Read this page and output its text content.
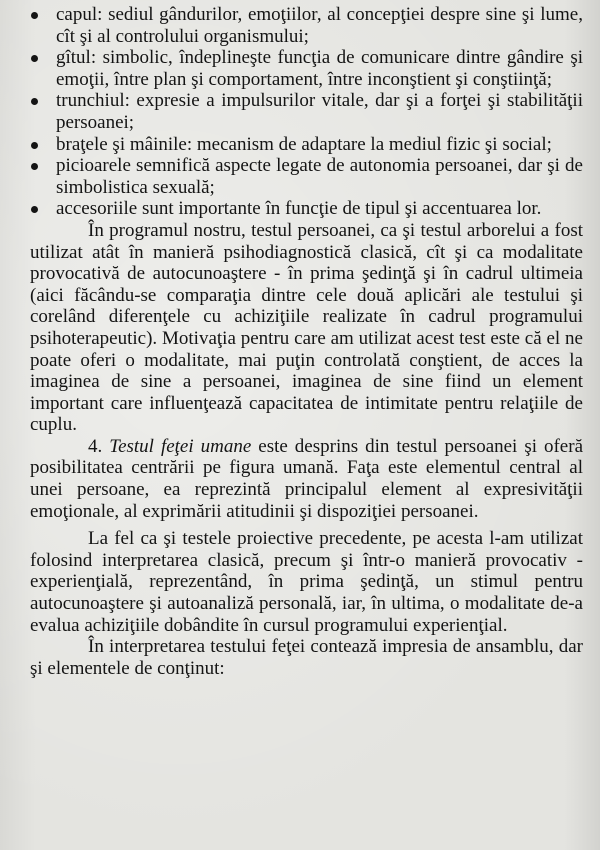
capul: sediul gândurilor, emoţiilor, al concepţiei despre sine şi lume, cît şi al controlului organismului;
gîtul: simbolic, îndeplineşte funcţia de comunicare dintre gândire şi emoţii, între plan şi comportament, între inconştient şi conştiinţă;
trunchiul: expresie a impulsurilor vitale, dar şi a forţei şi stabilităţii persoanei;
braţele şi mâinile: mecanism de adaptare la mediul fizic şi social;
picioarele semnifică aspecte legate de autonomia persoanei, dar şi de simbolistica sexuală;
accesoriile sunt importante în funcţie de tipul şi accentuarea lor.

În programul nostru, testul persoanei, ca şi testul arborelui a fost utilizat atât în manieră psihodiagnostică clasică, cît şi ca modalitate provocativă de autocunoaştere - în prima şedinţă şi în cadrul ultimeia (aici făcându-se comparaţia dintre cele două aplicări ale testului şi corelând diferenţele cu achiziţiile realizate în cadrul programului psihoterapeutic). Motivaţia pentru care am utilizat acest test este că el ne poate oferi o modalitate, mai puţin controlată conştient, de acces la imaginea de sine a persoanei, imaginea de sine fiind un element important care influenţează capacitatea de intimitate pentru relaţiile de cuplu.

4. Testul feţei umane este desprins din testul persoanei şi oferă posibilitatea centrării pe figura umană. Faţa este elementul central al unei persoane, ea reprezintă principalul element al expresivităţii emoţionale, al exprimării atitudinii şi dispoziţiei persoanei.

La fel ca şi testele proiective precedente, pe acesta l-am utilizat folosind interpretarea clasică, precum şi într-o manieră provocativ - experienţială, reprezentând, în prima şedinţă, un stimul pentru autocunoaştere şi autoanaliză personală, iar, în ultima, o modalitate de-a evalua achiziţiile dobândite în cursul programului experienţial.

În interpretarea testului feţei contează impresia de ansamblu, dar şi elementele de conţinut:
